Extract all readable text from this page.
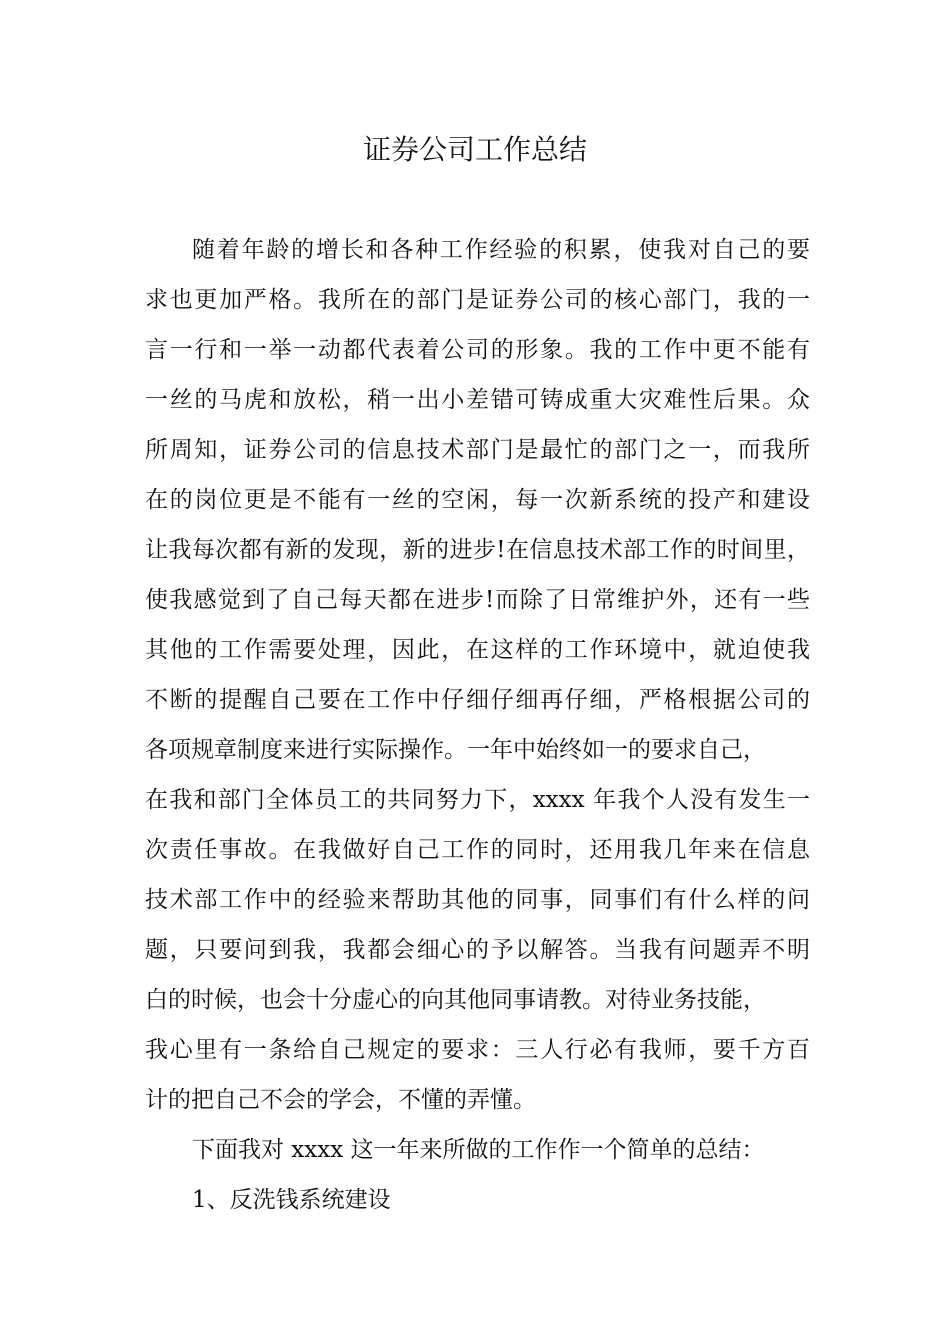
证券公司工作总结
随着年龄的增长和各种工作经验的积累，使我对自己的要
求也更加严格。我所在的部门是证券公司的核心部门，我的一
言一行和一举一动都代表着公司的形象。我的工作中更不能有
一丝的马虎和放松，稍一出小差错可铸成重大灾难性后果。众
所周知，证券公司的信息技术部门是最忙的部门之一，而我所
在的岗位更是不能有一丝的空闲，每一次新系统的投产和建设
让我每次都有新的发现，新的进步!在信息技术部工作的时间里，
使我感觉到了自己每天都在进步!而除了日常维护外，还有一些
其他的工作需要处理，因此，在这样的工作环境中，就迫使我
不断的提醒自己要在工作中仔细仔细再仔细，严格根据公司的
各项规章制度来进行实际操作。一年中始终如一的要求自己，
在我和部门全体员工的共同努力下，xxxx 年我个人没有发生一
次责任事故。在我做好自己工作的同时，还用我几年来在信息
技术部工作中的经验来帮助其他的同事，同事们有什么样的问
题，只要问到我，我都会细心的予以解答。当我有问题弄不明
白的时候，也会十分虚心的向其他同事请教。对待业务技能，
我心里有一条给自己规定的要求：三人行必有我师，要千方百
计的把自己不会的学会，不懂的弄懂。
下面我对 xxxx 这一年来所做的工作作一个简单的总结：
1、反洗钱系统建设
